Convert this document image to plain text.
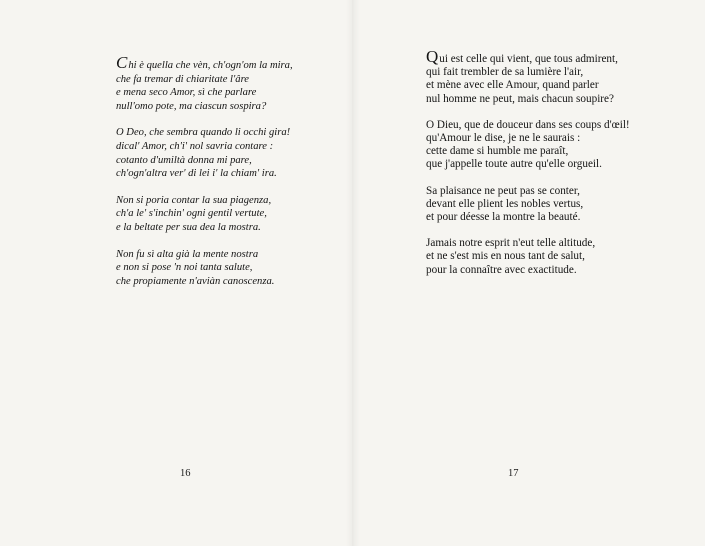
Chi è quella che vèn, ch'ogn'om la mira,
che fa tremar di chiaritate l'âre
e mena seco Amor, sì che parlare
null'omo pote, ma ciascun sospira?
O Deo, che sembra quando li occhi gira!
dical' Amor, ch'i' nol savria contare :
cotanto d'umiltà donna mi pare,
ch'ogn'altra ver' di lei i' la chiam' ira.
Non si poria contar la sua piagenza,
ch'a le' s'inchin' ogni gentil vertute,
e la beltate per sua dea la mostra.
Non fu sì alta già la mente nostra
e non si pose 'n noi tanta salute,
che propiamente n'aviàn canoscenza.
Qui est celle qui vient, que tous admirent,
qui fait trembler de sa lumière l'air,
et mène avec elle Amour, quand parler
nul homme ne peut, mais chacun soupire?
O Dieu, que de douceur dans ses coups d'œil!
qu'Amour le dise, je ne le saurais :
cette dame si humble me paraît,
que j'appelle toute autre qu'elle orgueil.
Sa plaisance ne peut pas se conter,
devant elle plient les nobles vertus,
et pour déesse la montre la beauté.
Jamais notre esprit n'eut telle altitude,
et ne s'est mis en nous tant de salut,
pour la connaître avec exactitude.
16	17
